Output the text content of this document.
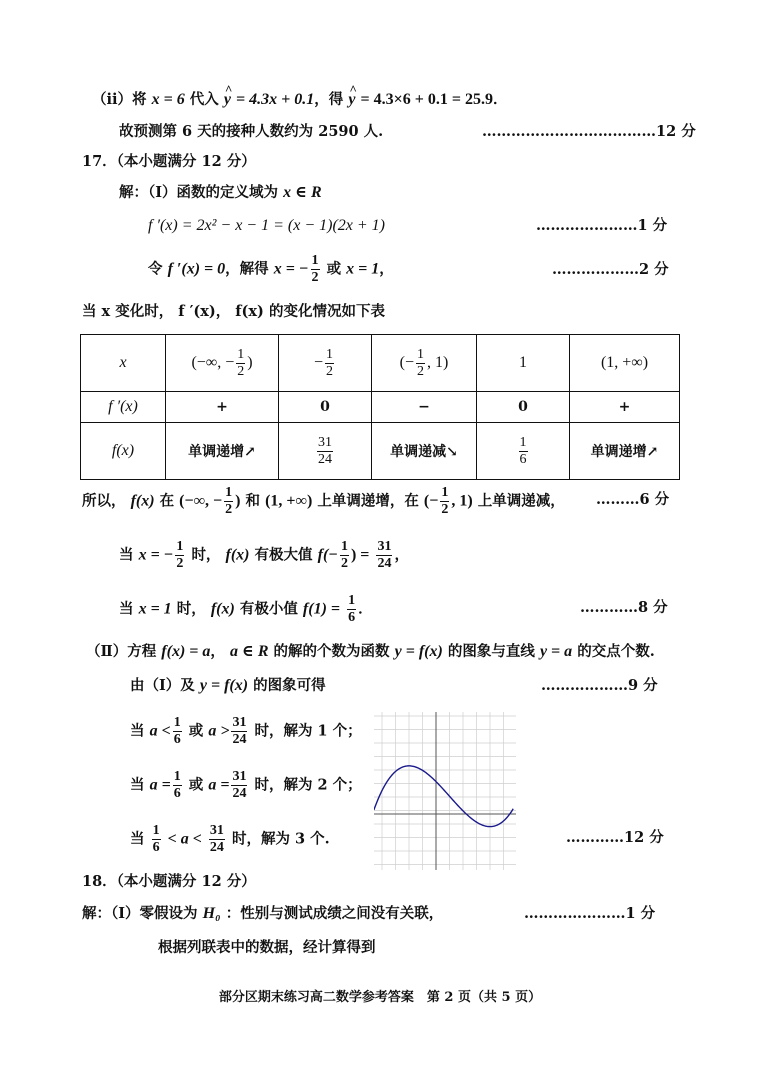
（ⅱ）将 x = 6 代入 ^ y = 4.3x + 0.1，得 ^ y = 4.3×6 + 0.1 = 25.9．
故预测第 6 天的接种人数约为 2590 人.	………………………………12 分
17．（本小题满分 12 分）
解：（Ⅰ）函数的定义域为 x ∈ R
f ′(x) = 2x² − x − 1 = (x − 1)(2x + 1)	…………………1 分
令 f ′(x) = 0，解得 x = − $\frac{1}{2}$ 或 x = 1，	………………2 分
当 x 变化时， f ′(x)， f(x) 的变化情况如下表
x	(−∞, − $\frac{1}{2}$ )	− $\frac{1}{2}$	(− $\frac{1}{2}$ , 1)	1	(1, +∞)
f ′(x)	+	0	−	0	+
f(x)	单调递增↗	$\frac{31}{24}$	单调递减↘	$\frac{1}{6}$	单调递增↗
所以， f(x) 在 (−∞, − $\frac{1}{2}$ ) 和 (1, +∞) 上单调递增，在 (− $\frac{1}{2}$ , 1) 上单调递减， ………6 分
当 x = − $\frac{1}{2}$ 时， f(x) 有极大值 $f(- \frac{1}{2}$ ) = $\frac{31}{24}$ ，
当 x = 1 时， f(x) 有极小值 $f(1) = \frac{1}{6}$ ．	…………8 分
（Ⅱ）方程 f(x) = a， a ∈ R 的解的个数为函数 y = f(x) 的图象与直线 y = a 的交点个数.
由（Ⅰ）及 y = f(x) 的图象可得	………………9 分
当 $a < \frac{1}{6}$ 或 $a > \frac{31}{24}$ 时，解为 1 个；
当 $a = \frac{1}{6}$ 或 $a = \frac{31}{24}$ 时，解为 2 个；
当 $\frac{1}{6} < a < \frac{31}{24}$ 时，解为 3 个.	…………12 分
18．（本小题满分 12 分）
解：（Ⅰ）零假设为 H₀ ：性别与测试成绩之间没有关联，	…………………1 分
根据列联表中的数据，经计算得到
部分区期末练习高二数学参考答案　第 2 页（共 5 页）
